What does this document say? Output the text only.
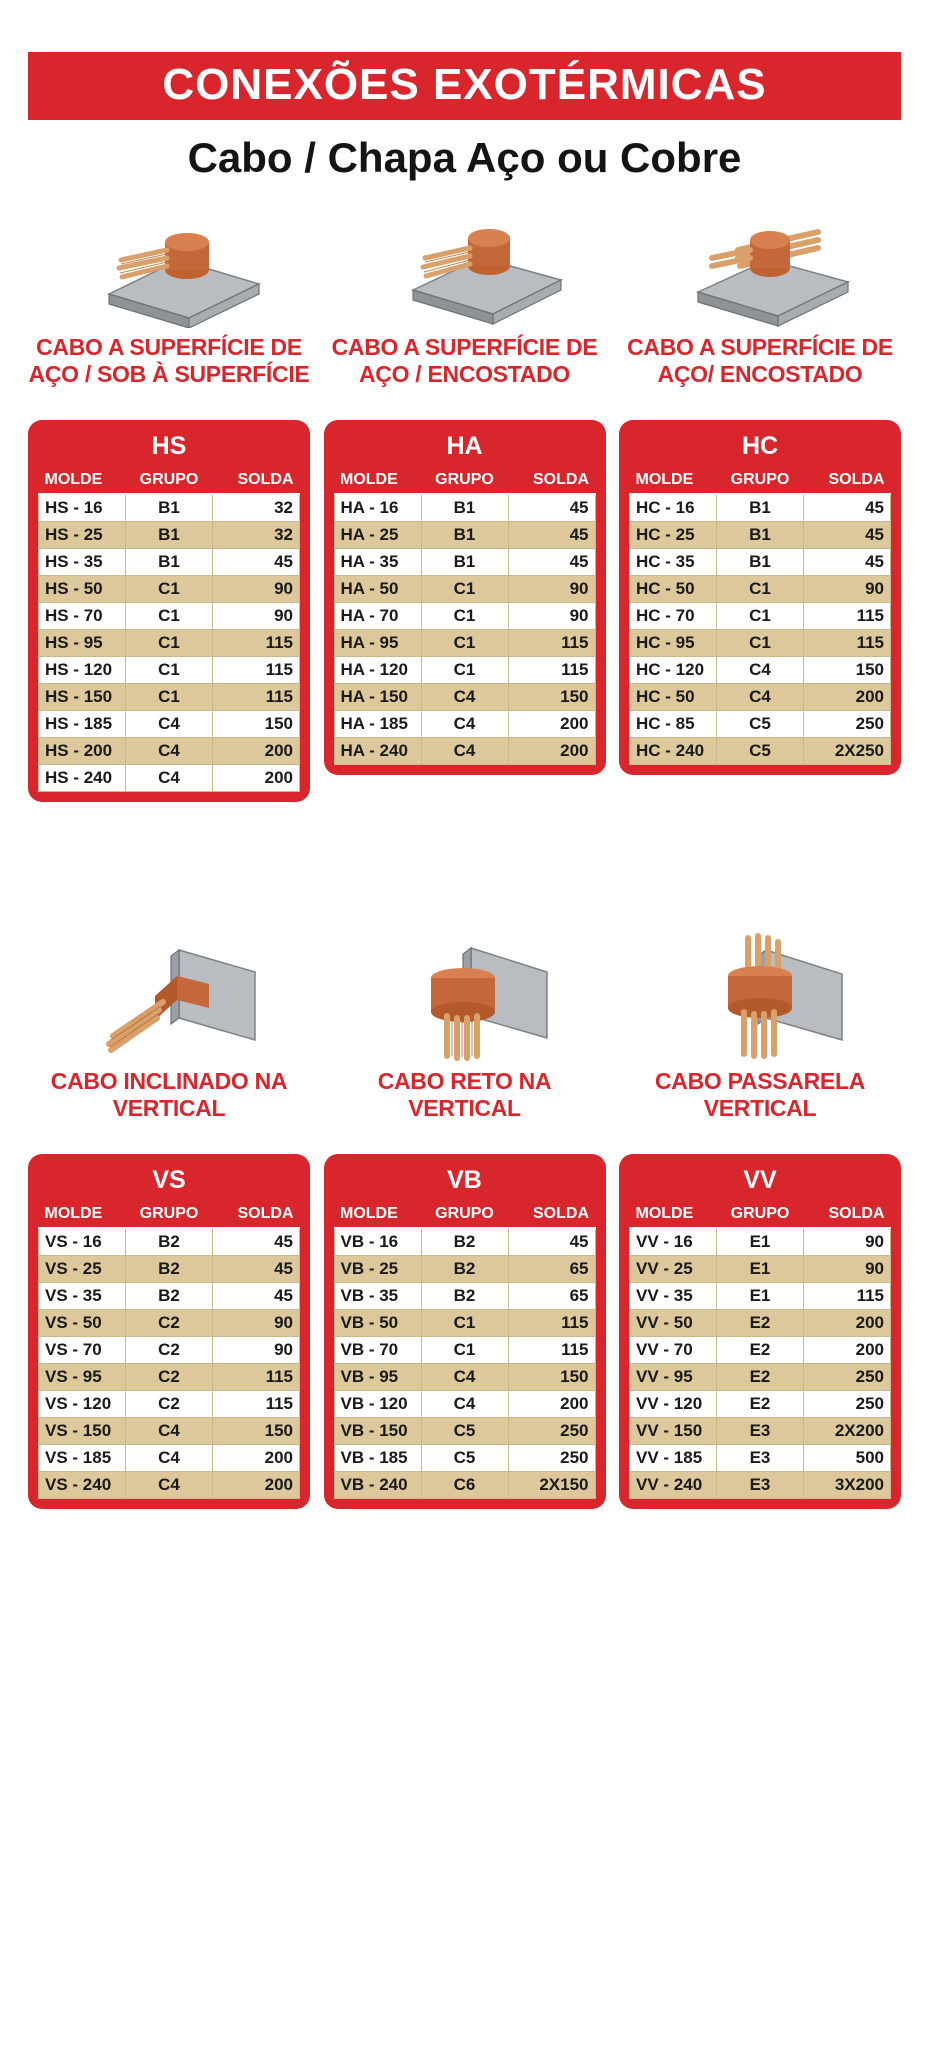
CONEXÕES EXOTÉRMICAS
Cabo / Chapa Aço ou Cobre
CABO A SUPERFÍCIE DE AÇO / SOB À SUPERFÍCIE
HS
MOLDE	GRUPO	SOLDA
HS - 16	B1	32
HS - 25	B1	32
HS - 35	B1	45
HS - 50	C1	90
HS - 70	C1	90
HS - 95	C1	115
HS - 120	C1	115
HS - 150	C1	115
HS - 185	C4	150
HS - 200	C4	200
HS - 240	C4	200
CABO A SUPERFÍCIE DE AÇO / ENCOSTADO
HA
MOLDE	GRUPO	SOLDA
HA - 16	B1	45
HA - 25	B1	45
HA - 35	B1	45
HA - 50	C1	90
HA - 70	C1	90
HA - 95	C1	115
HA - 120	C1	115
HA - 150	C4	150
HA - 185	C4	200
HA - 240	C4	200
CABO A SUPERFÍCIE DE AÇO/ ENCOSTADO
HC
MOLDE	GRUPO	SOLDA
HC - 16	B1	45
HC - 25	B1	45
HC - 35	B1	45
HC - 50	C1	90
HC - 70	C1	115
HC - 95	C1	115
HC - 120	C4	150
HC - 50	C4	200
HC - 85	C5	250
HC - 240	C5	2X250
CABO INCLINADO NA VERTICAL
VS
MOLDE	GRUPO	SOLDA
VS - 16	B2	45
VS - 25	B2	45
VS - 35	B2	45
VS - 50	C2	90
VS - 70	C2	90
VS - 95	C2	115
VS - 120	C2	115
VS - 150	C4	150
VS - 185	C4	200
VS - 240	C4	200
CABO RETO NA VERTICAL
VB
MOLDE	GRUPO	SOLDA
VB - 16	B2	45
VB - 25	B2	65
VB - 35	B2	65
VB - 50	C1	115
VB - 70	C1	115
VB - 95	C4	150
VB - 120	C4	200
VB - 150	C5	250
VB - 185	C5	250
VB - 240	C6	2X150
CABO PASSARELA VERTICAL
VV
MOLDE	GRUPO	SOLDA
VV - 16	E1	90
VV - 25	E1	90
VV - 35	E1	115
VV - 50	E2	200
VV - 70	E2	200
VV - 95	E2	250
VV - 120	E2	250
VV - 150	E3	2X200
VV - 185	E3	500
VV - 240	E3	3X200
